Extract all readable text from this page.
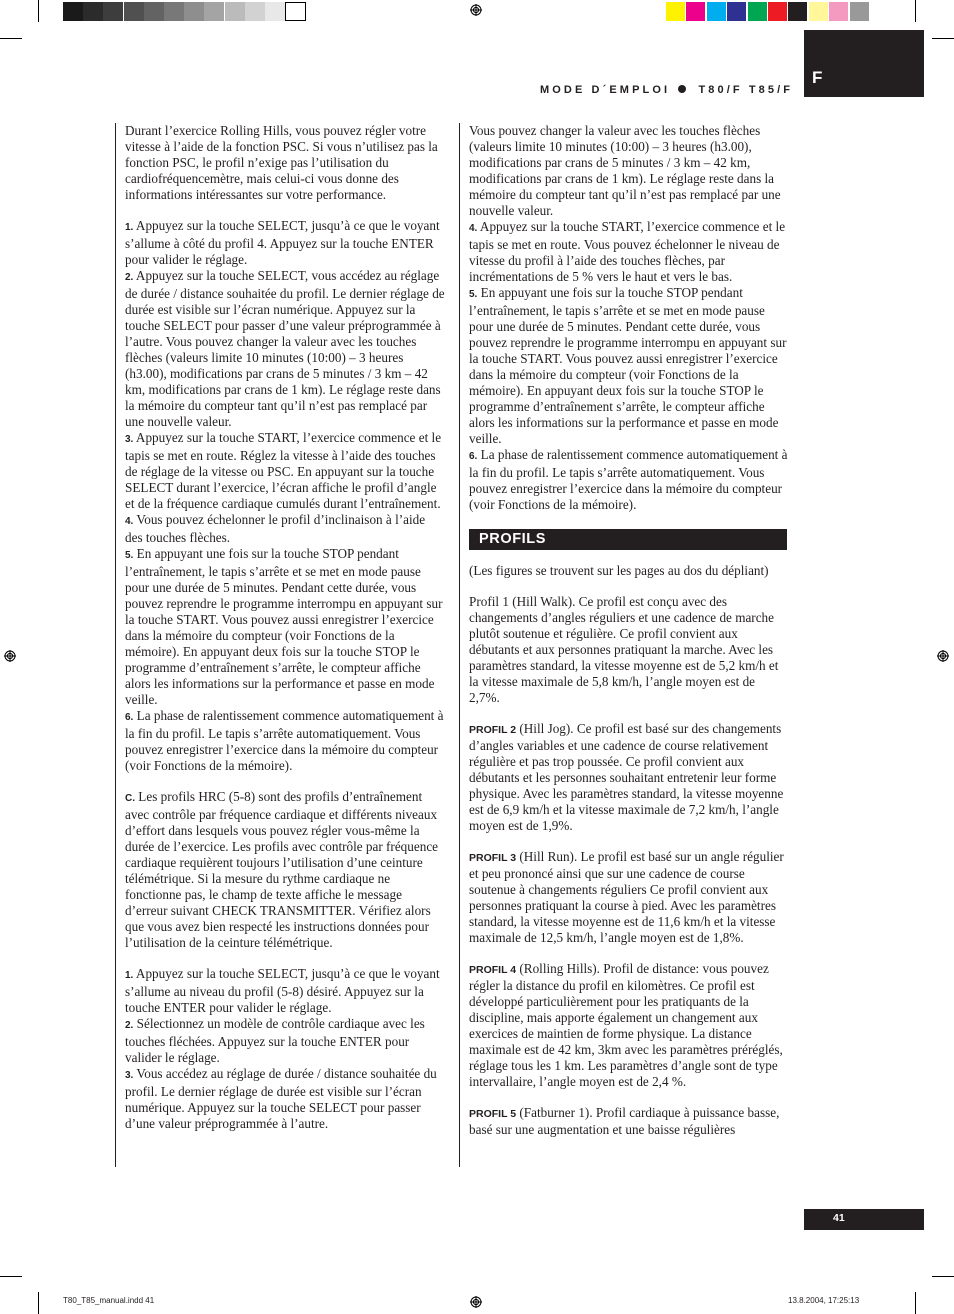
MODE D´EMPLOI	T80/F T85/F
F

Durant l’exercice Rolling Hills, vous pouvez régler votre vitesse à l’aide de la fonction PSC. Si vous n’utilisez pas la fonction PSC, le profil n’exige pas l’utilisation du cardiofréquencemètre, mais celui-ci vous donne des informations intéressantes sur votre performance.

1. Appuyez sur la touche SELECT, jusqu’à ce que le voyant s’allume à côté du profil 4. Appuyez sur la touche ENTER pour valider le réglage.

2. Appuyez sur la touche SELECT, vous accédez au réglage de durée / distance souhaitée du profil. Le dernier réglage de durée est visible sur l’écran numérique. Appuyez sur la touche SELECT pour passer d’une valeur préprogrammée à l’autre. Vous pouvez changer la valeur avec les touches flèches (valeurs limite 10 minutes (10:00) – 3 heures (h3.00), modifications par crans de 5 minutes / 3 km – 42 km, modifications par crans de 1 km). Le réglage reste dans la mémoire du compteur tant qu’il n’est pas remplacé par une nouvelle valeur.

3. Appuyez sur la touche START, l’exercice commence et le tapis se met en route. Réglez la vitesse à l’aide des touches de réglage de la vitesse ou PSC. En appuyant sur la touche SELECT durant l’exercice, l’écran affiche le profil d’angle et de la fréquence cardiaque cumulés durant l’entraînement.

4. Vous pouvez échelonner le profil d’inclinaison à l’aide des touches flèches.

5. En appuyant une fois sur la touche STOP pendant l’entraînement, le tapis s’arrête et se met en mode pause pour une durée de 5 minutes. Pendant cette durée, vous pouvez reprendre le programme interrompu en appuyant sur la touche START. Vous pouvez aussi enregistrer l’exercice dans la mémoire du compteur (voir Fonctions de la mémoire). En appuyant deux fois sur la touche STOP le programme d’entraînement s’arrête, le compteur affiche alors les informations sur la performance et passe en mode veille.

6. La phase de ralentissement commence automatiquement à la fin du profil. Le tapis s’arrête automatiquement. Vous pouvez enregistrer l’exercice dans la mémoire du compteur (voir Fonctions de la mémoire).

C. Les profils HRC (5-8) sont des profils d’entraînement avec contrôle par fréquence cardiaque et différents niveaux d’effort dans lesquels vous pouvez régler vous-même la durée de l’exercice. Les profils avec contrôle par fréquence cardiaque requièrent toujours l’utilisation d’une ceinture télémétrique. Si la mesure du rythme cardiaque ne fonctionne pas, le champ de texte affiche le message d’erreur suivant CHECK TRANSMITTER. Vérifiez alors que vous avez bien respecté les instructions données pour l’utilisation de la ceinture télémétrique.

1. Appuyez sur la touche SELECT, jusqu’à ce que le voyant s’allume au niveau du profil (5-8) désiré. Appuyez sur la touche ENTER pour valider le réglage.

2. Sélectionnez un modèle de contrôle cardiaque avec les touches fléchées. Appuyez sur la touche ENTER pour valider le réglage.

3. Vous accédez au réglage de durée / distance souhaitée du profil. Le dernier réglage de durée est visible sur l’écran numérique. Appuyez sur la touche SELECT pour passer d’une valeur préprogrammée à l’autre.

Vous pouvez changer la valeur avec les touches flèches (valeurs limite 10 minutes (10:00) – 3 heures (h3.00), modifications par crans de 5 minutes / 3 km – 42 km, modifications par crans de 1 km). Le réglage reste dans la mémoire du compteur tant qu’il n’est pas remplacé par une nouvelle valeur.

4. Appuyez sur la touche START, l’exercice commence et le tapis se met en route. Vous pouvez échelonner le niveau de vitesse du profil à l’aide des touches flèches, par incrémentations de 5 % vers le haut et vers le bas.

5. En appuyant une fois sur la touche STOP pendant l’entraînement, le tapis s’arrête et se met en mode pause pour une durée de 5 minutes. Pendant cette durée, vous pouvez reprendre le programme interrompu en appuyant sur la touche START. Vous pouvez aussi enregistrer l’exercice dans la mémoire du compteur (voir Fonctions de la mémoire). En appuyant deux fois sur la touche STOP le programme d’entraînement s’arrête, le compteur affiche alors les informations sur la performance et passe en mode veille.

6. La phase de ralentissement commence automatiquement à la fin du profil. Le tapis s’arrête automatiquement. Vous pouvez enregistrer l’exercice dans la mémoire du compteur (voir Fonctions de la mémoire).

PROFILS

(Les figures se trouvent sur les pages au dos du dépliant)

Profil 1 (Hill Walk). Ce profil est conçu avec des changements d’angles réguliers et une cadence de marche plutôt soutenue et régulière. Ce profil convient aux débutants et aux personnes pratiquant la marche. Avec les paramètres standard, la vitesse moyenne est de 5,2 km/h et la vitesse maximale de 5,8 km/h, l’angle moyen est de 2,7%.

PROFIL 2 (Hill Jog). Ce profil est basé sur des changements d’angles variables et une cadence de course relativement régulière et pas trop poussée. Ce profil convient aux débutants et les personnes souhaitant entretenir leur forme physique. Avec les paramètres standard, la vitesse moyenne est de 6,9 km/h et la vitesse maximale de 7,2 km/h, l’angle moyen est de 1,9%.

PROFIL 3 (Hill Run). Le profil est basé sur un angle régulier et peu prononcé ainsi que sur une cadence de course soutenue à changements réguliers Ce profil convient aux personnes pratiquant la course à pied. Avec les paramètres standard, la vitesse moyenne est de 11,6 km/h et la vitesse maximale de 12,5 km/h, l’angle moyen est de 1,8%.

PROFIL 4 (Rolling Hills). Profil de distance: vous pouvez régler la distance du profil en kilomètres. Ce profil est développé particulièrement pour les pratiquants de la discipline, mais apporte également un changement aux exercices de maintien de forme physique. La distance maximale est de 42 km, 3km avec les paramètres préréglés, réglage tous les 1 km. Les paramètres d’angle sont de type intervallaire, l’angle moyen est de 2,4 %.

PROFIL 5 (Fatburner 1). Profil cardiaque à puissance basse, basé sur une augmentation et une baisse régulières

41
T80_T85_manual.indd 41	13.8.2004, 17:25:13
